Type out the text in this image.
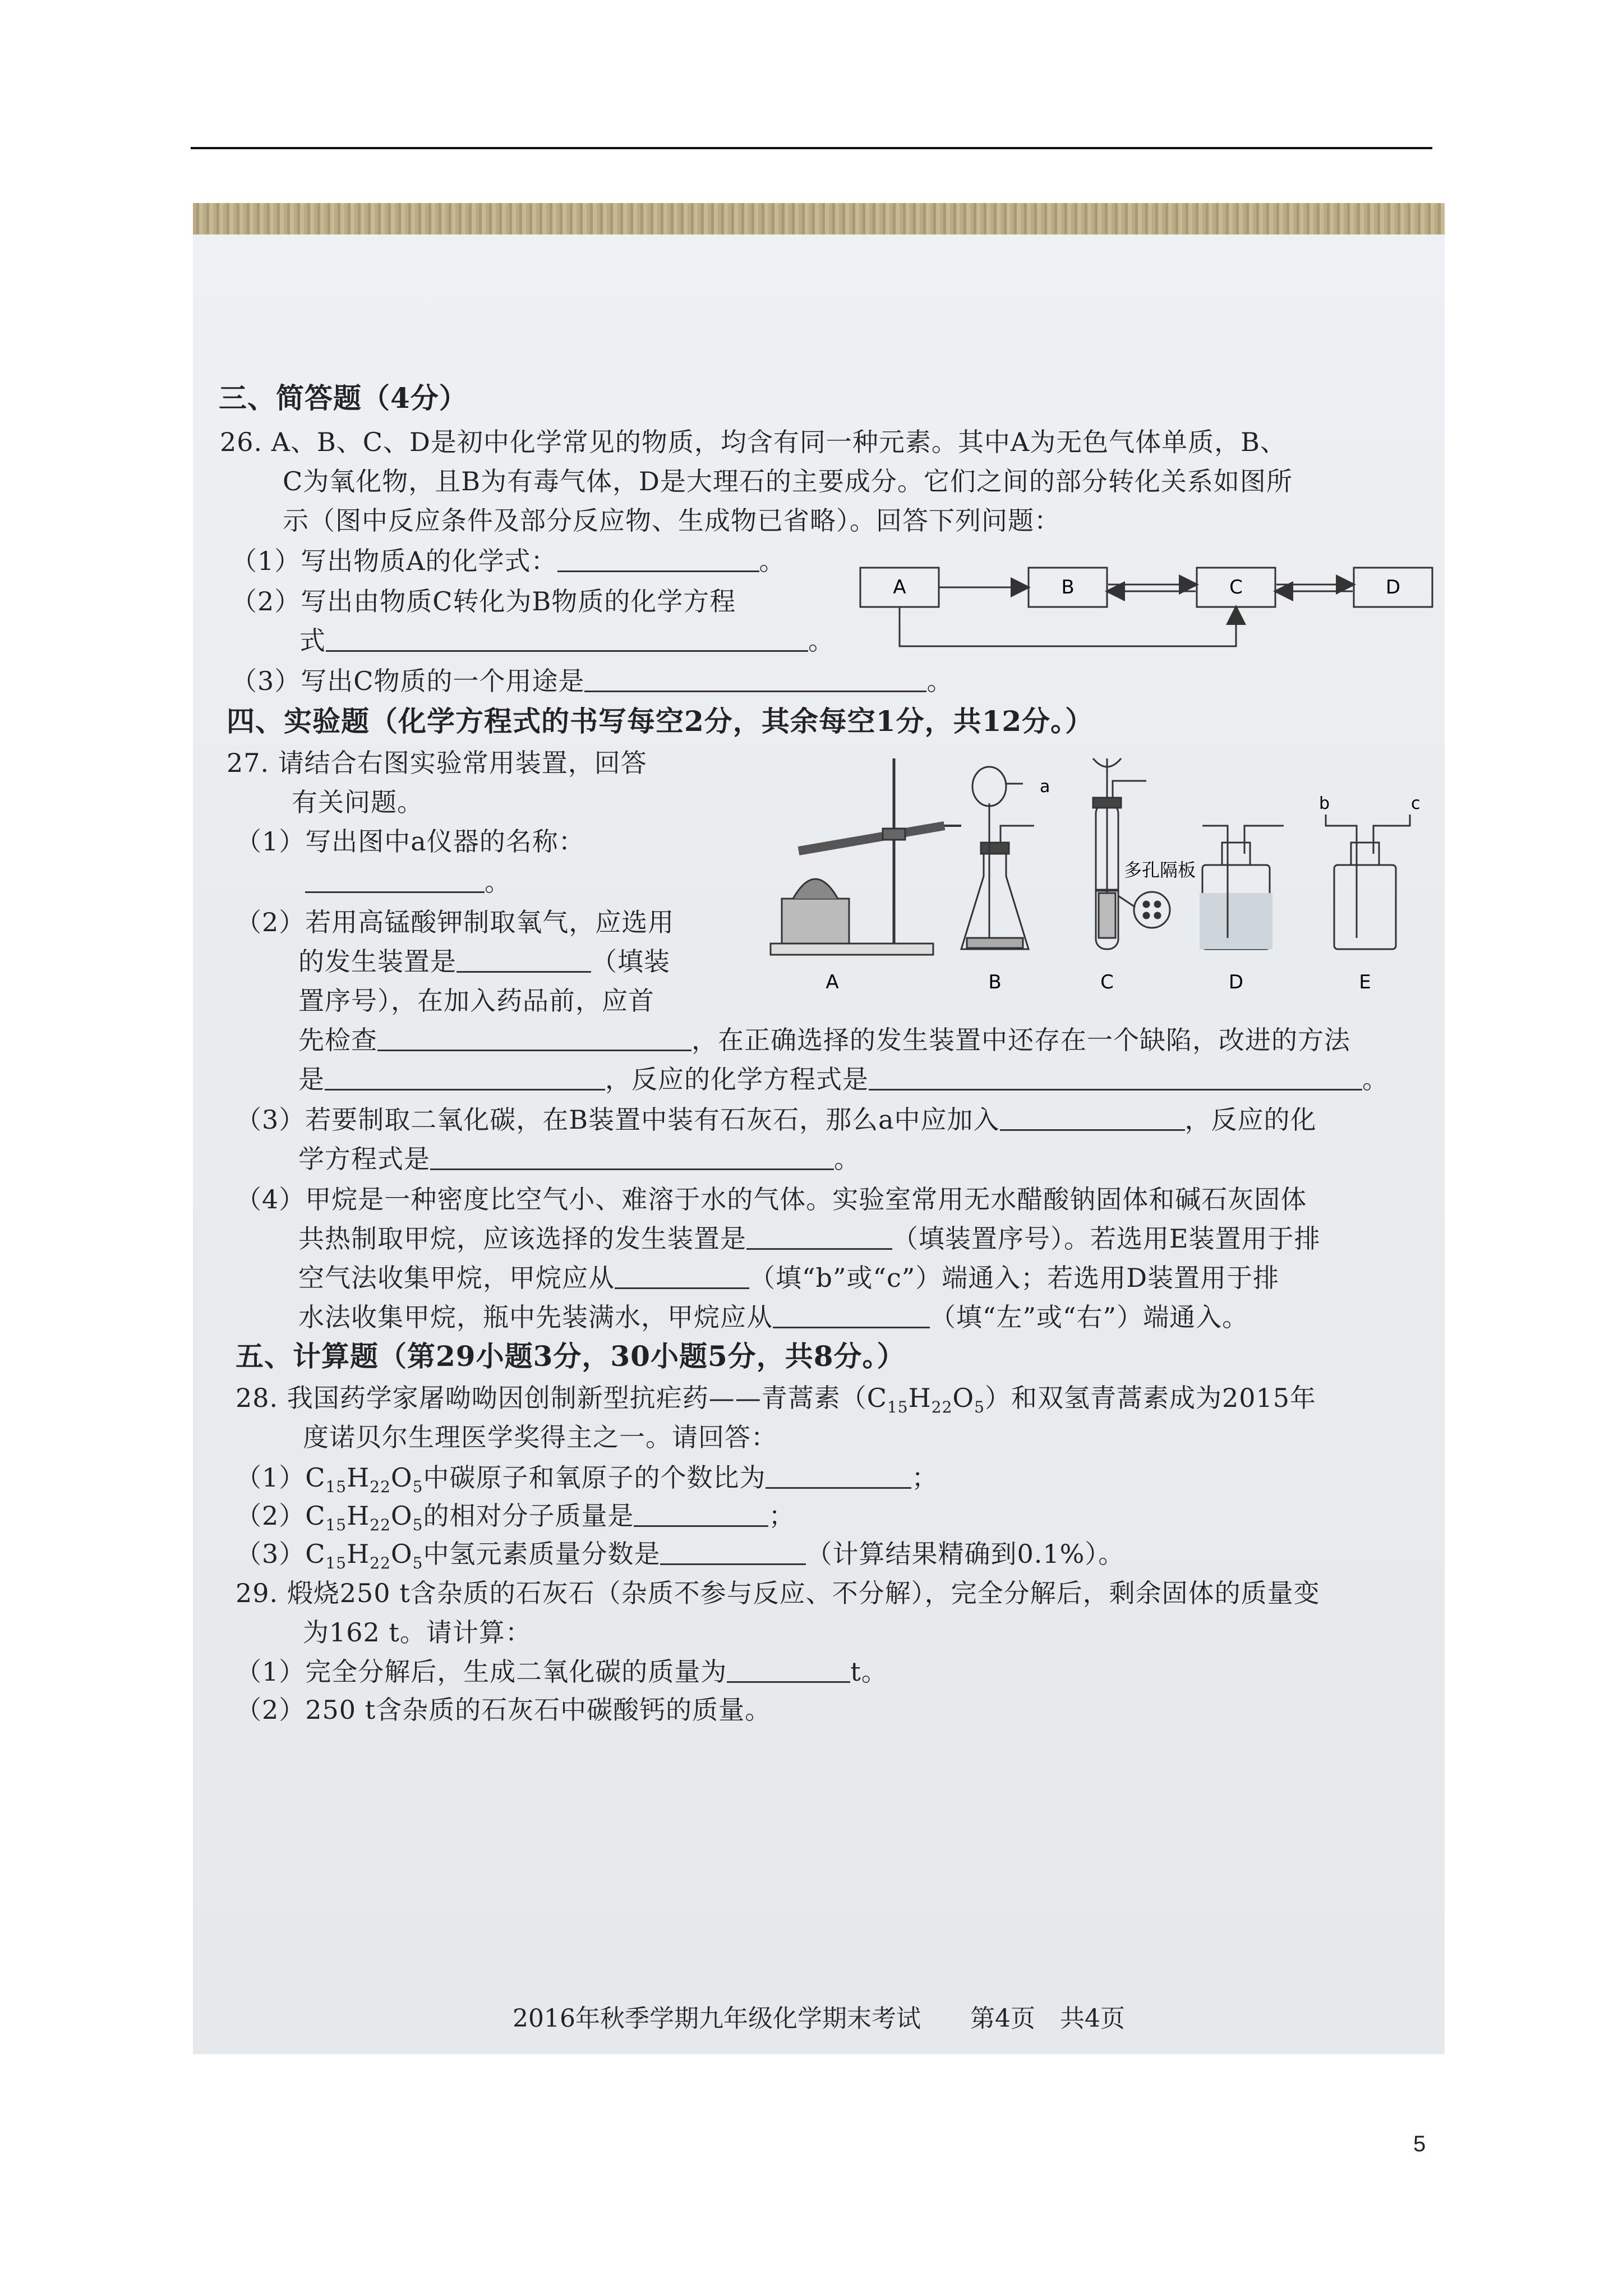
三、简答题（4分）
26. A、B、C、D是初中化学常见的物质，均含有同一种元素。其中A为无色气体单质，B、
C为氧化物，且B为有毒气体，D是大理石的主要成分。它们之间的部分转化关系如图所
示（图中反应条件及部分反应物、生成物已省略）。回答下列问题：
（1）写出物质A的化学式：	。
（2）写出由物质C转化为B物质的化学方程
式	。
（3）写出C物质的一个用途是	。
A	B	C	D
四、实验题（化学方程式的书写每空2分，其余每空1分，共12分。）
27. 请结合右图实验常用装置，回答
有关问题。
（1）写出图中a仪器的名称：
。
（2）若用高锰酸钾制取氧气，应选用
的发生装置是	（填装
置序号），在加入药品前，应首
先检查	，在正确选择的发生装置中还存在一个缺陷，改进的方法
是	，反应的化学方程式是	。
（3）若要制取二氧化碳，在B装置中装有石灰石，那么a中应加入	，反应的化
学方程式是	。
（4）甲烷是一种密度比空气小、难溶于水的气体。实验室常用无水醋酸钠固体和碱石灰固体
共热制取甲烷，应该选择的发生装置是	（填装置序号）。若选用E装置用于排
空气法收集甲烷，甲烷应从	（填“b”或“c”）端通入；若选用D装置用于排
水法收集甲烷，瓶中先装满水，甲烷应从	（填“左”或“右”）端通入。
a
b	c
多孔隔板
A	B	C	D	E
五、计算题（第29小题3分，30小题5分，共8分。）
28. 我国药学家屠呦呦因创制新型抗疟药——青蒿素$(C_{15}H_{22}O_5)$和双氢青蒿素成为2015年
度诺贝尔生理医学奖得主之一。请回答：
$(1)C_{15}H_{22}O_5$中碳原子和氧原子的个数比为	；
$(2)C_{15}H_{22}O_5$的相对分子质量是	；
$(3)C_{15}H_{22}O_5$中氢元素质量分数是	（计算结果精确到0.1%）。
29. 煅烧250 t含杂质的石灰石（杂质不参与反应、不分解），完全分解后，剩余固体的质量变
为162 t。请计算：
（1）完全分解后，生成二氧化碳的质量为	t。
（2）250 t含杂质的石灰石中碳酸钙的质量。
2016年秋季学期九年级化学期末考试　　第4页　共4页
5
